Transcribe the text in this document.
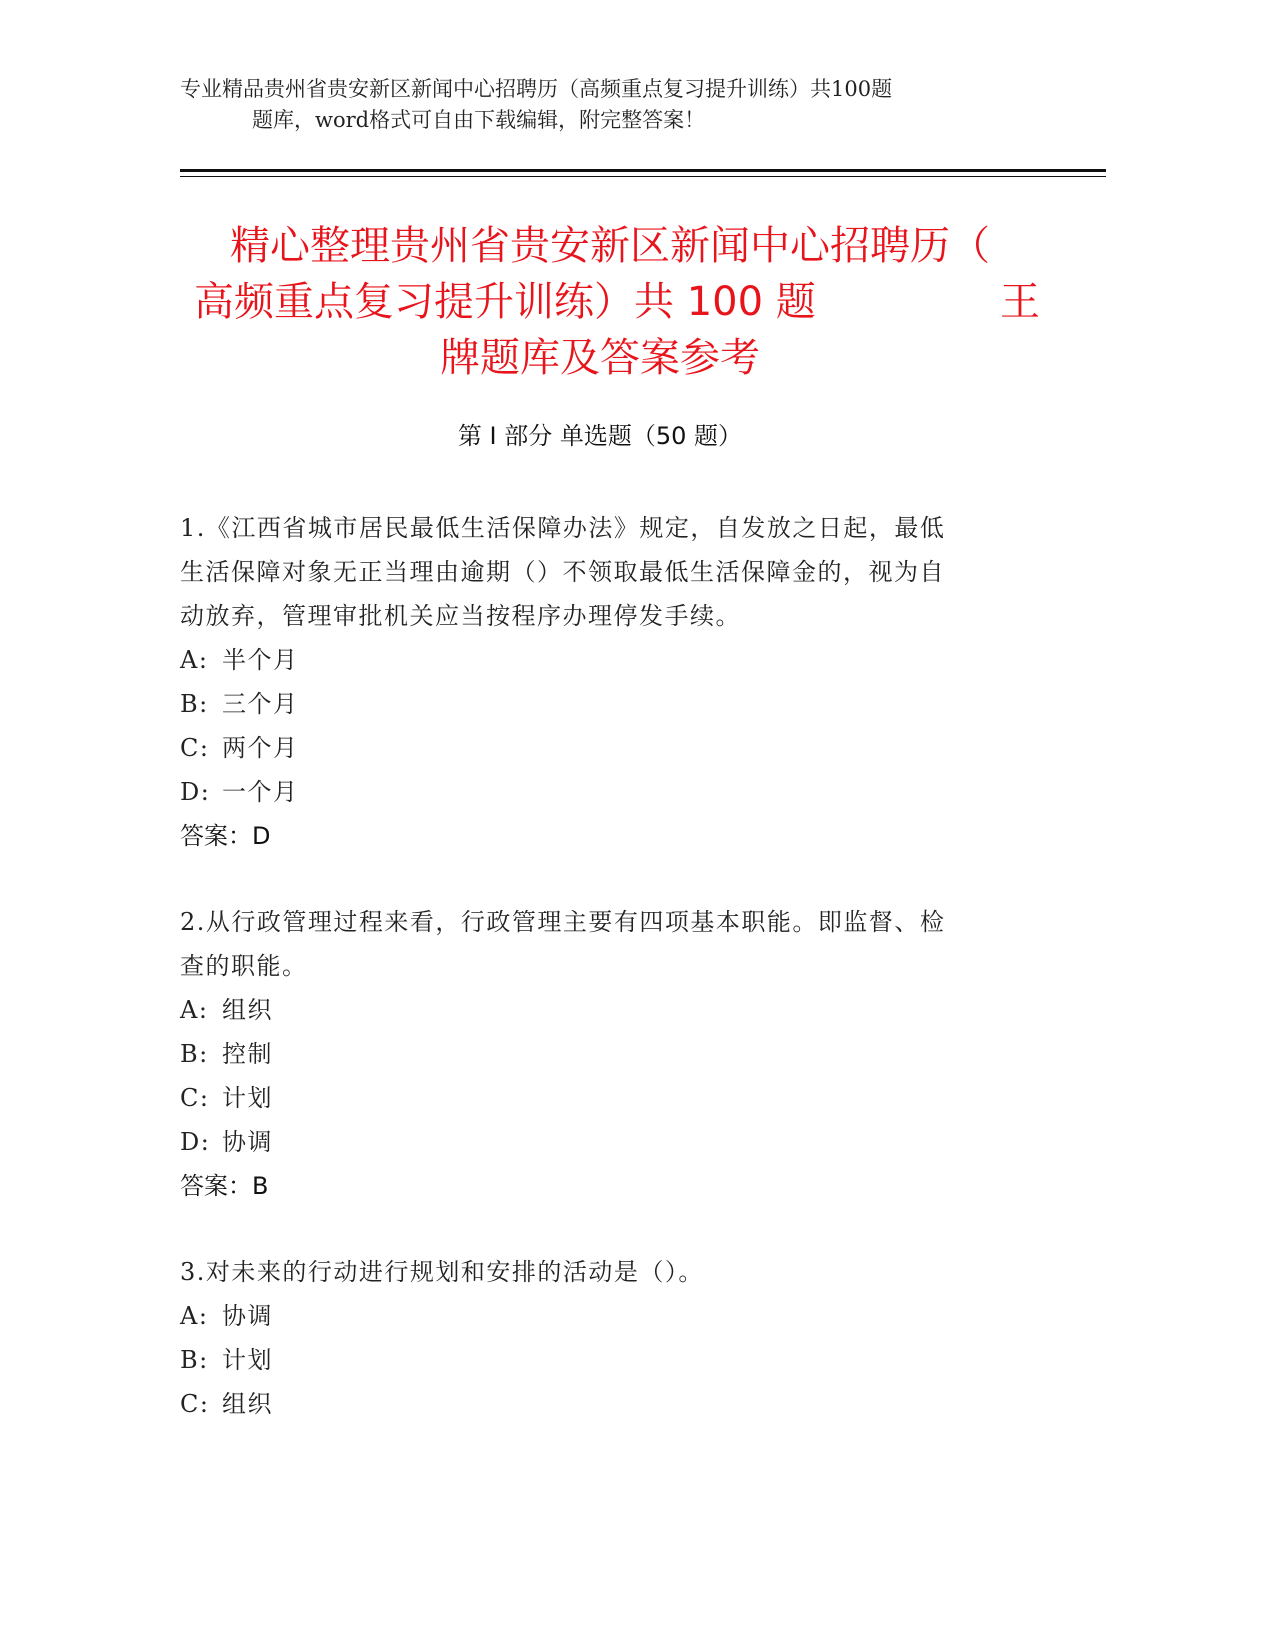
专业精品贵州省贵安新区新闻中心招聘历（高频重点复习提升训练）共100题
题库，word格式可自由下载编辑，附完整答案！
精心整理贵州省贵安新区新闻中心招聘历（
高频重点复习提升训练）共 100 题	王
牌题库及答案参考
第 I 部分 单选题（50 题）
1.《江西省城市居民最低生活保障办法》规定，自发放之日起，最低
生活保障对象无正当理由逾期（）不领取最低生活保障金的，视为自
动放弃，管理审批机关应当按程序办理停发手续。
A: 半个月
B: 三个月
C: 两个月
D: 一个月
答案：D
2.从行政管理过程来看，行政管理主要有四项基本职能。即监督、检
查的职能。
A: 组织
B: 控制
C: 计划
D: 协调
答案：B
3.对未来的行动进行规划和安排的活动是（）。
A: 协调
B: 计划
C: 组织
